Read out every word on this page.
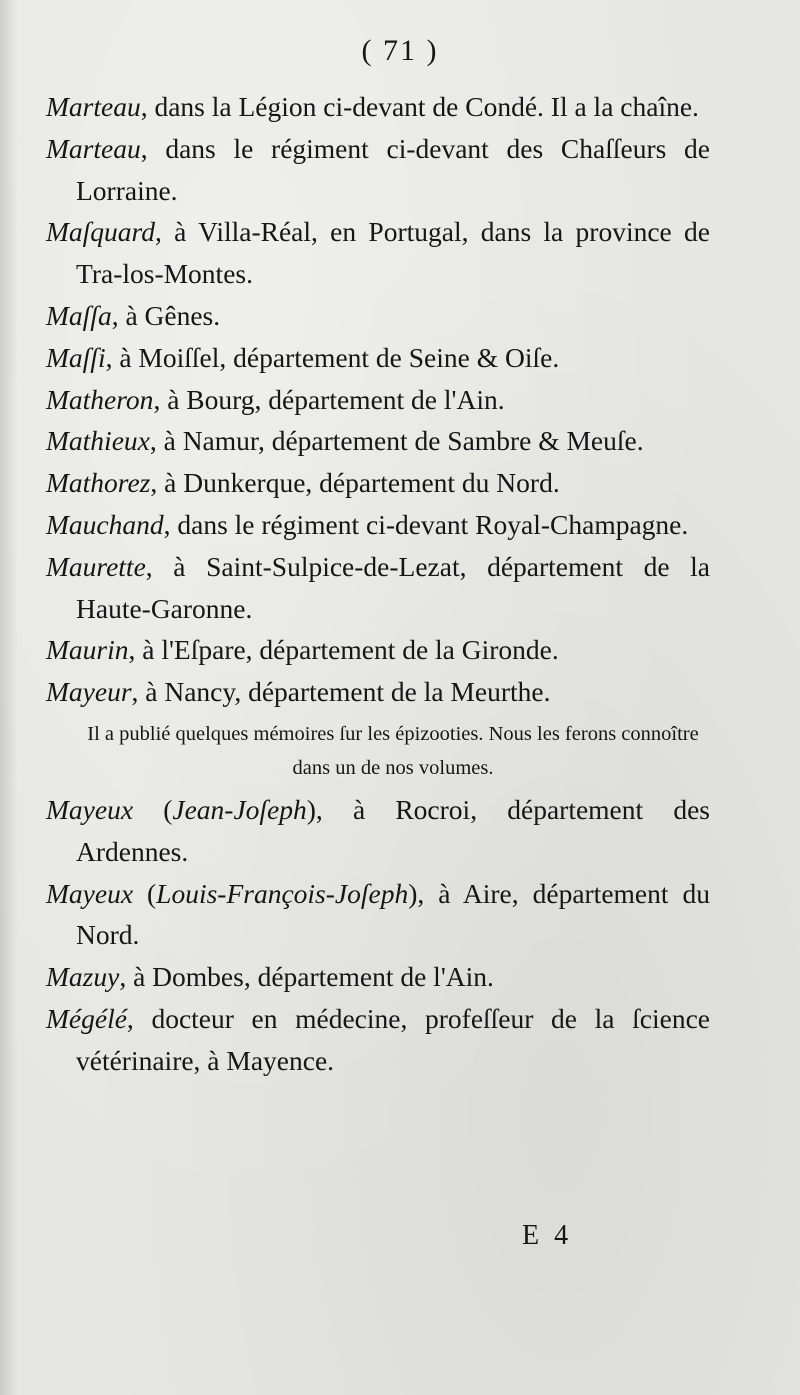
( 71 )

Marteau, dans la Légion ci-devant de Condé. Il a la chaîne.

Marteau, dans le régiment ci-devant des Chaſſeurs de Lorraine.

Maſquard, à Villa-Réal, en Portugal, dans la province de Tra-los-Montes.

Maſſa, à Gênes.

Maſſi, à Moiſſel, département de Seine & Oiſe.

Matheron, à Bourg, département de l'Ain.

Mathieux, à Namur, département de Sambre & Meuſe.

Mathorez, à Dunkerque, département du Nord.

Mauchand, dans le régiment ci-devant Royal-Champagne.

Maurette, à Saint-Sulpice-de-Lezat, département de la Haute-Garonne.

Maurin, à l'Eſpare, département de la Gironde.

Mayeur, à Nancy, département de la Meurthe.

Il a publié quelques mémoires ſur les épizooties. Nous les ferons connoître dans un de nos volumes.

Mayeux (Jean-Joſeph), à Rocroi, département des Ardennes.

Mayeux (Louis-François-Joſeph), à Aire, département du Nord.

Mazuy, à Dombes, département de l'Ain.

Mégélé, docteur en médecine, profeſſeur de la ſcience vétérinaire, à Mayence.

E 4
